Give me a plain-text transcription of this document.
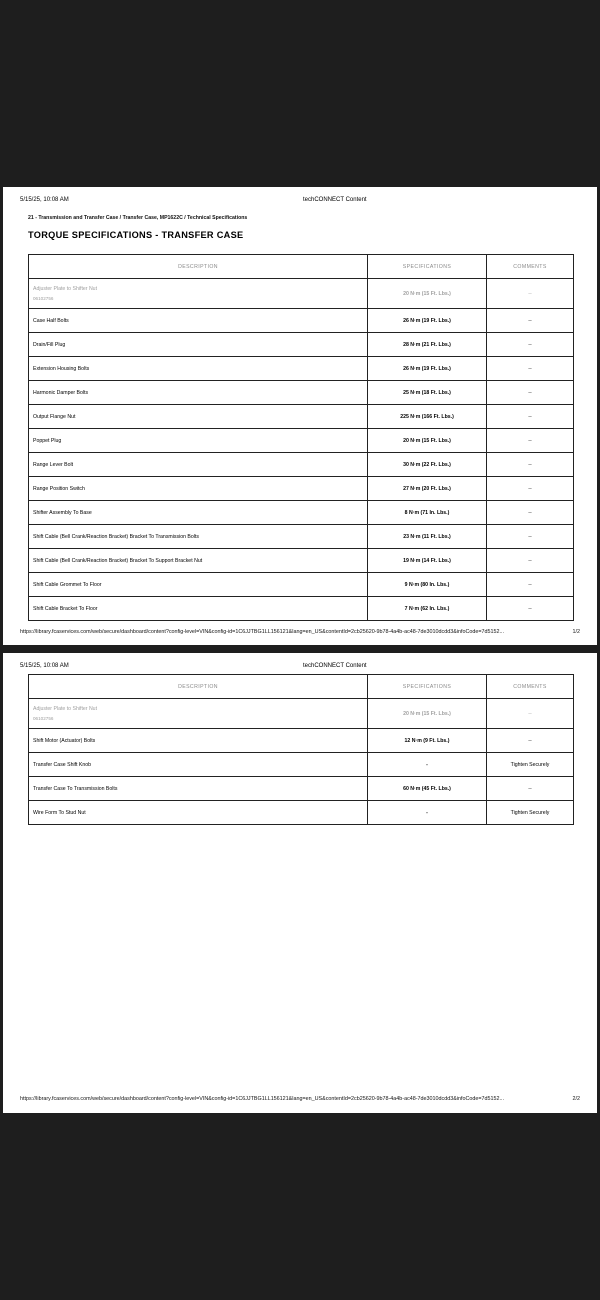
5/15/25, 10:08 AM	techCONNECT Content
21 - Transmission and Transfer Case / Transfer Case, MP1622C / Technical Specifications
TORQUE SPECIFICATIONS - TRANSFER CASE
DESCRIPTION	SPECIFICATIONS	COMMENTS
Adjuster Plate to Shifter Nut
06102756	20 N·m (15 Ft. Lbs.)	--
Case Half Bolts	26 N·m (19 Ft. Lbs.)	--
Drain/Fill Plug	28 N·m (21 Ft. Lbs.)	--
Extension Housing Bolts	26 N·m (19 Ft. Lbs.)	--
Harmonic Damper Bolts	25 N·m (18 Ft. Lbs.)	--
Output Flange Nut	225 N·m (166 Ft. Lbs.)	--
Poppet Plug	20 N·m (15 Ft. Lbs.)	--
Range Lever Bolt	30 N·m (22 Ft. Lbs.)	--
Range Position Switch	27 N·m (20 Ft. Lbs.)	--
Shifter Assembly To Base	8 N·m (71 In. Lbs.)	--
Shift Cable (Bell Crank/Reaction Bracket) Bracket To Transmission Bolts	23 N·m (11 Ft. Lbs.)	--
Shift Cable (Bell Crank/Reaction Bracket) Bracket To Support Bracket Nut	19 N·m (14 Ft. Lbs.)	--
Shift Cable Grommet To Floor	9 N·m (80 In. Lbs.)	--
Shift Cable Bracket To Floor	7 N·m (62 In. Lbs.)	--
https://library.fcaservices.com/web/secure/dashboard/content?config-level=VIN&config-id=1C6JJTBG1LL156121&lang=en_US&contentId=2cb25620-9b78-4a4b-ac48-7de3010dcdd3&infoCode=7d5152...	1/2
5/15/25, 10:08 AM	techCONNECT Content
DESCRIPTION	SPECIFICATIONS	COMMENTS
Adjuster Plate to Shifter Nut
06102756	20 N·m (15 Ft. Lbs.)	--
Shift Motor (Actuator) Bolts	12 N·m (9 Ft. Lbs.)	--
Transfer Case Shift Knob	-	Tighten Securely
Transfer Case To Transmission Bolts	60 N·m (45 Ft. Lbs.)	--
Wire Form To Stud Nut	-	Tighten Securely
https://library.fcaservices.com/web/secure/dashboard/content?config-level=VIN&config-id=1C6JJTBG1LL156121&lang=en_US&contentId=2cb25620-9b78-4a4b-ac48-7de3010dcdd3&infoCode=7d5152...	2/2
